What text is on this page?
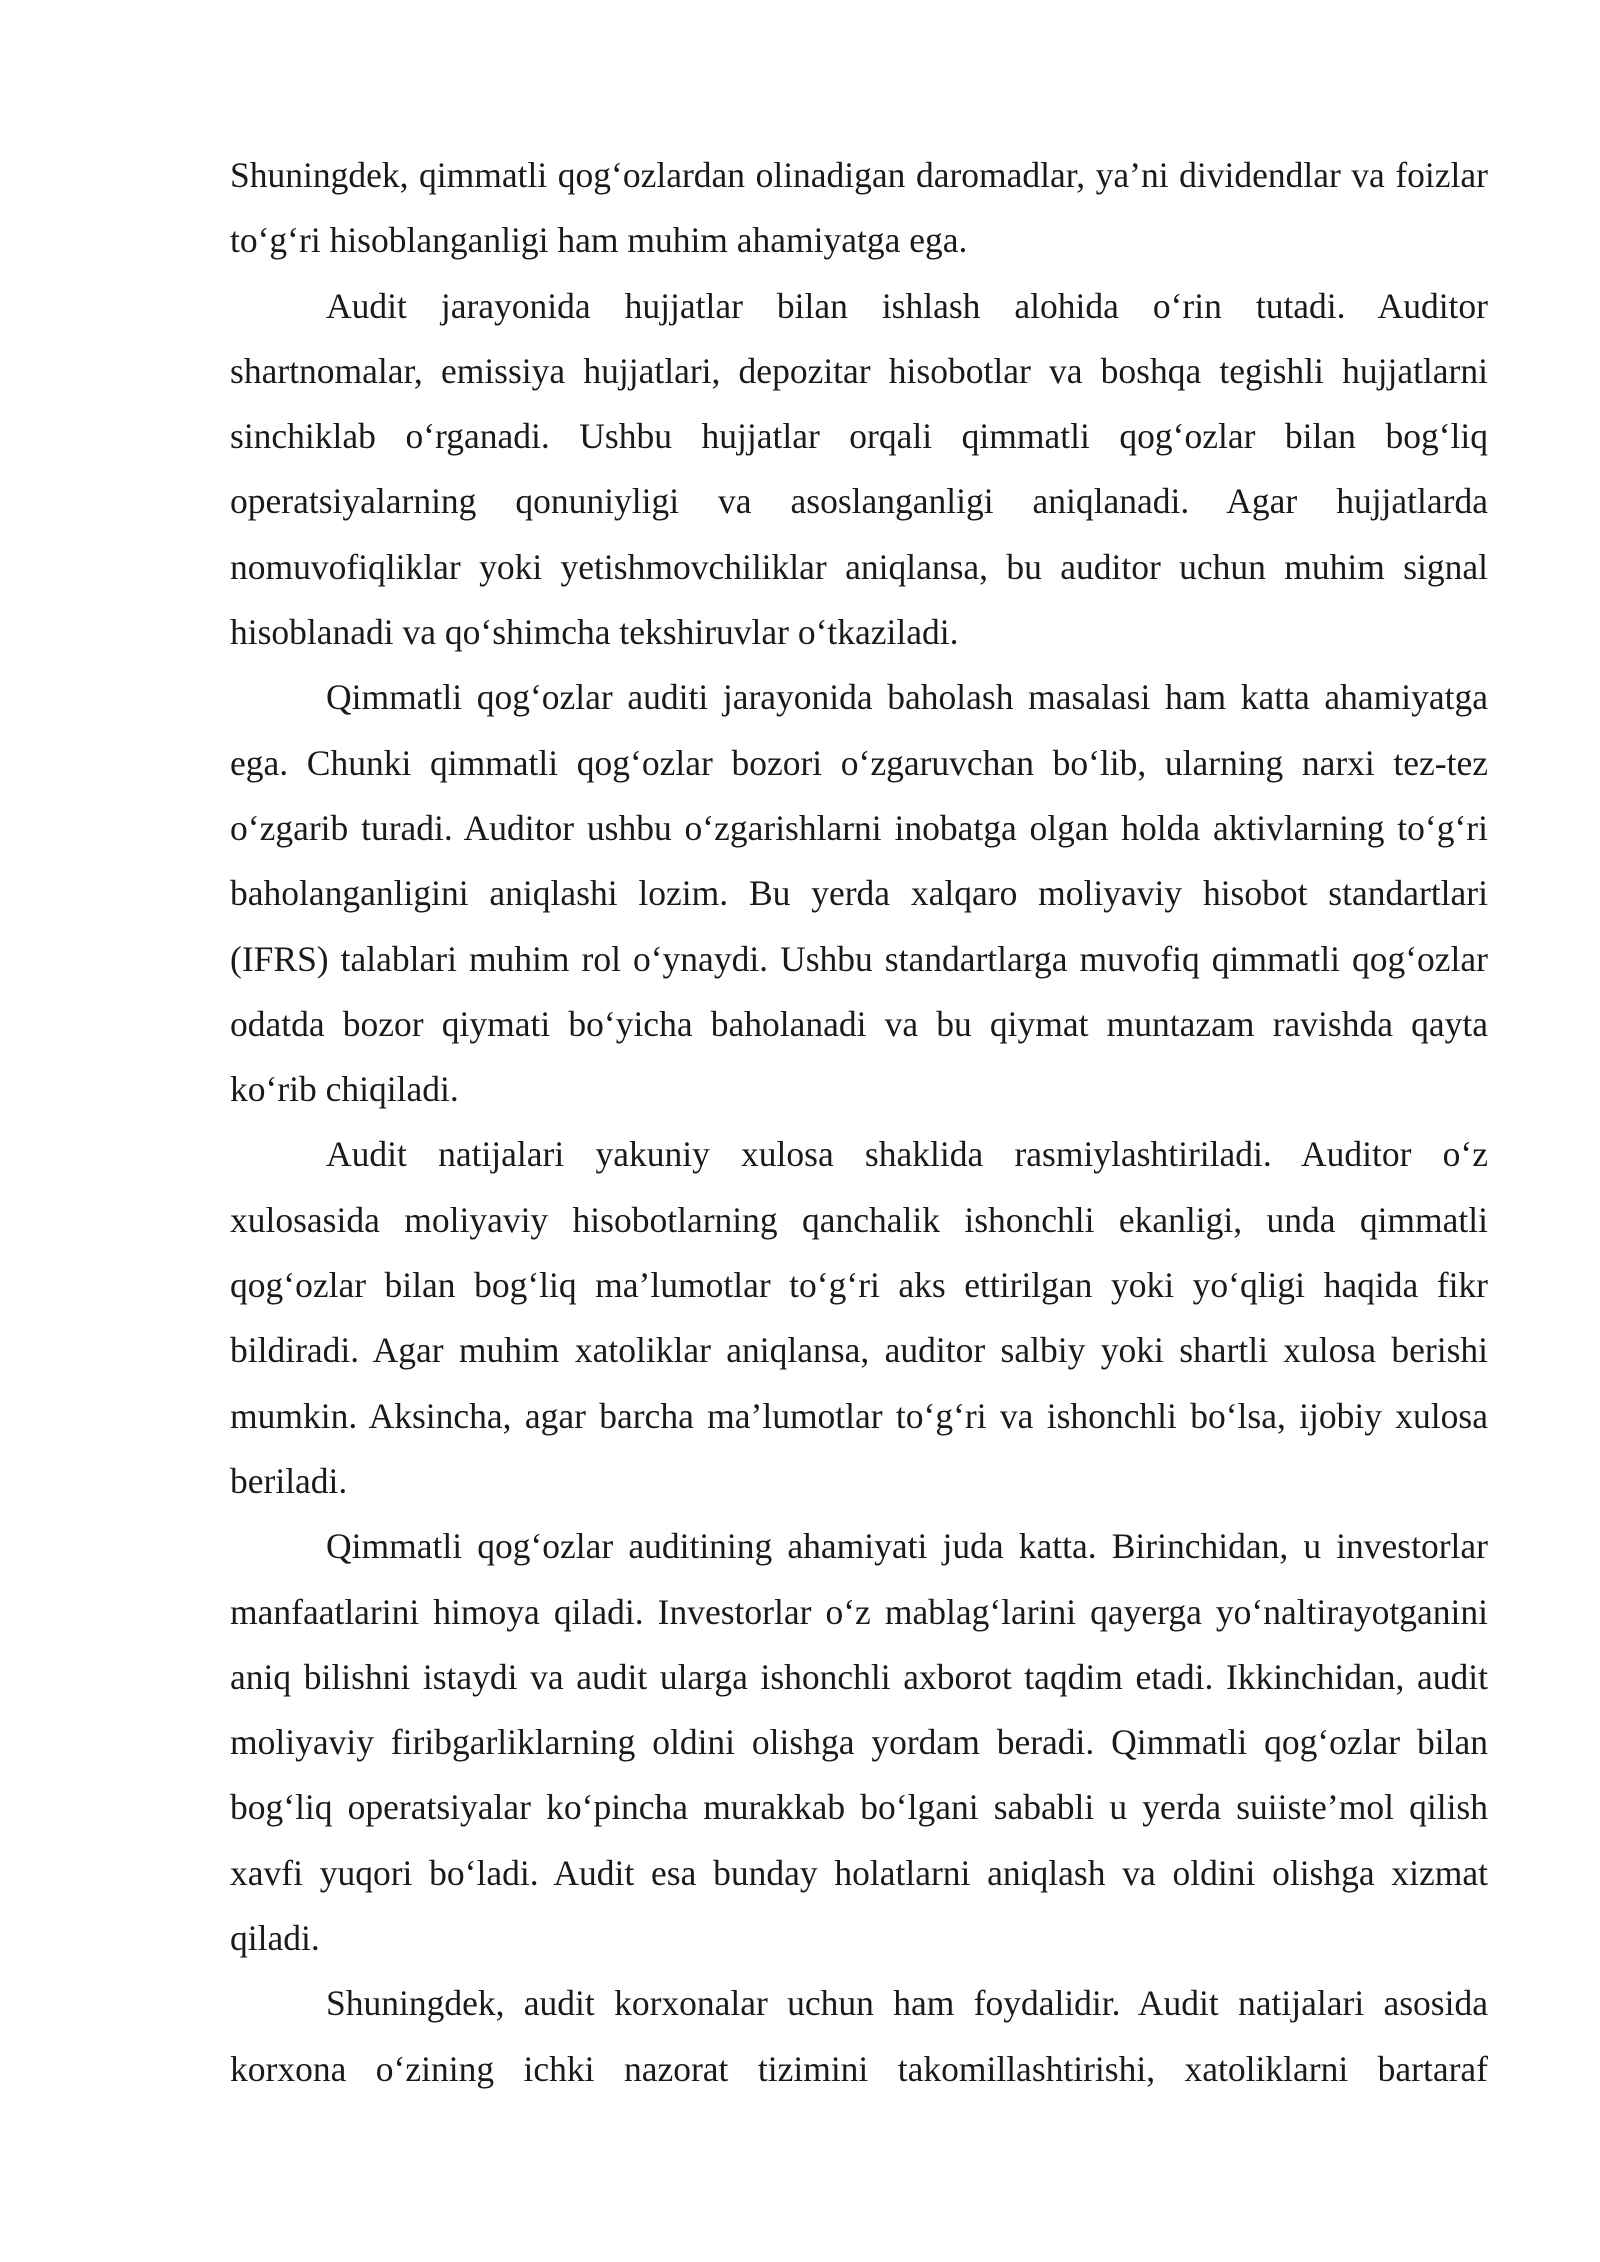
Shuningdek, qimmatli qog‘ozlardan olinadigan daromadlar, ya’ni dividendlar va foizlar to‘g‘ri hisoblanganligi ham muhim ahamiyatga ega.

Audit jarayonida hujjatlar bilan ishlash alohida o‘rin tutadi. Auditor shartnomalar, emissiya hujjatlari, depozitar hisobotlar va boshqa tegishli hujjatlarni sinchiklab o‘rganadi. Ushbu hujjatlar orqali qimmatli qog‘ozlar bilan bog‘liq operatsiyalarning qonuniyligi va asoslanganligi aniqlanadi. Agar hujjatlarda nomuvofiqliklar yoki yetishmovchiliklar aniqlansa, bu auditor uchun muhim signal hisoblanadi va qo‘shimcha tekshiruvlar o‘tkaziladi.

Qimmatli qog‘ozlar auditi jarayonida baholash masalasi ham katta ahamiyatga ega. Chunki qimmatli qog‘ozlar bozori o‘zgaruvchan bo‘lib, ularning narxi tez-tez o‘zgarib turadi. Auditor ushbu o‘zgarishlarni inobatga olgan holda aktivlarning to‘g‘ri baholanganligini aniqlashi lozim. Bu yerda xalqaro moliyaviy hisobot standartlari (IFRS) talablari muhim rol o‘ynaydi. Ushbu standartlarga muvofiq qimmatli qog‘ozlar odatda bozor qiymati bo‘yicha baholanadi va bu qiymat muntazam ravishda qayta ko‘rib chiqiladi.

Audit natijalari yakuniy xulosa shaklida rasmiylashtiriladi. Auditor o‘z xulosasida moliyaviy hisobotlarning qanchalik ishonchli ekanligi, unda qimmatli qog‘ozlar bilan bog‘liq ma’lumotlar to‘g‘ri aks ettirilgan yoki yo‘qligi haqida fikr bildiradi. Agar muhim xatoliklar aniqlansa, auditor salbiy yoki shartli xulosa berishi mumkin. Aksincha, agar barcha ma’lumotlar to‘g‘ri va ishonchli bo‘lsa, ijobiy xulosa beriladi.

Qimmatli qog‘ozlar auditining ahamiyati juda katta. Birinchidan, u investorlar manfaatlarini himoya qiladi. Investorlar o‘z mablag‘larini qayerga yo‘naltirayotganini aniq bilishni istaydi va audit ularga ishonchli axborot taqdim etadi. Ikkinchidan, audit moliyaviy firibgarliklarning oldini olishga yordam beradi. Qimmatli qog‘ozlar bilan bog‘liq operatsiyalar ko‘pincha murakkab bo‘lgani sababli u yerda suiiste’mol qilish xavfi yuqori bo‘ladi. Audit esa bunday holatlarni aniqlash va oldini olishga xizmat qiladi.

Shuningdek, audit korxonalar uchun ham foydalidir. Audit natijalari asosida korxona o‘zining ichki nazorat tizimini takomillashtirishi, xatoliklarni bartaraf
